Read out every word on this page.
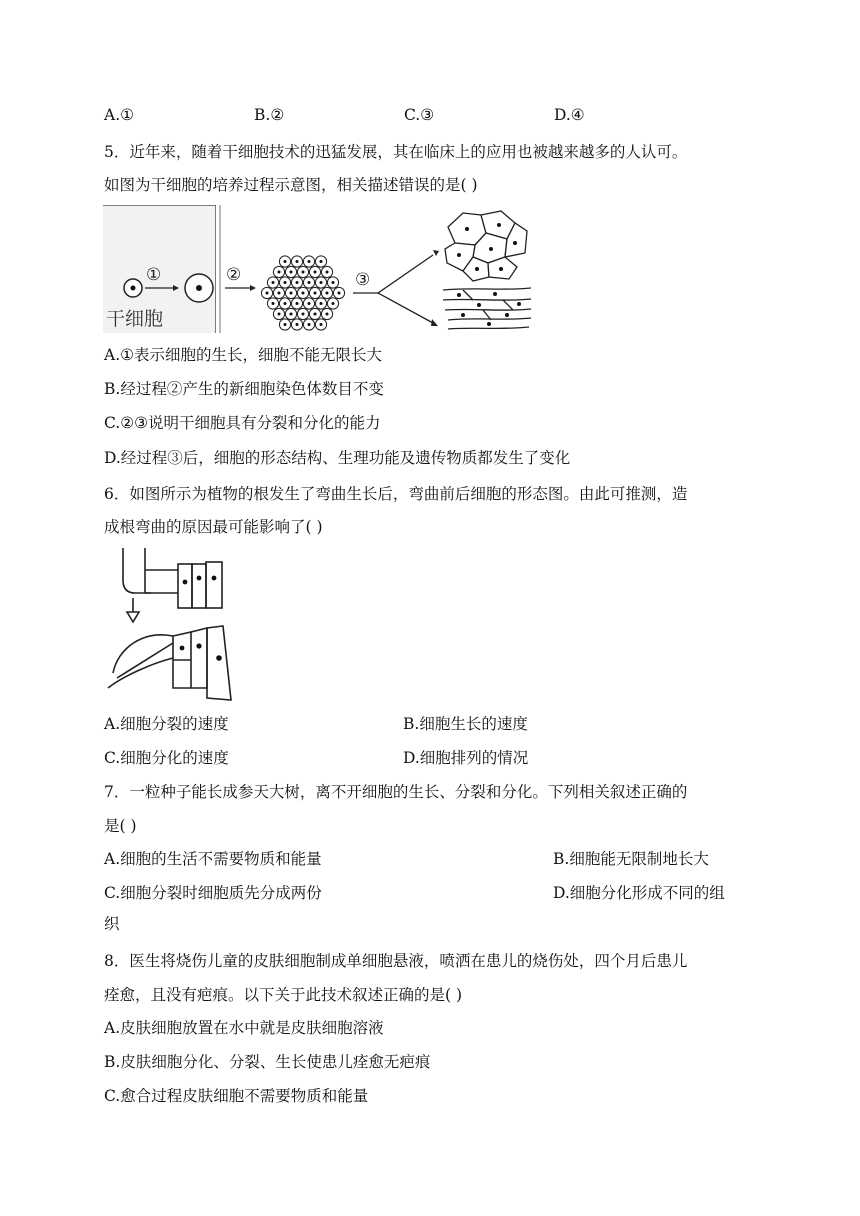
A.①	B.②	C.③	D.④
5．近年来，随着干细胞技术的迅猛发展，其在临床上的应用也被越来越多的人认可。
如图为干细胞的培养过程示意图，相关描述错误的是( )
①
干细胞
②	③
A.①表示细胞的生长，细胞不能无限长大
B.经过程②产生的新细胞染色体数目不变
C.②③说明干细胞具有分裂和分化的能力
D.经过程③后，细胞的形态结构、生理功能及遗传物质都发生了变化
6．如图所示为植物的根发生了弯曲生长后，弯曲前后细胞的形态图。由此可推测，造
成根弯曲的原因最可能影响了( )
A.细胞分裂的速度	B.细胞生长的速度
C.细胞分化的速度	D.细胞排列的情况
7．一粒种子能长成参天大树，离不开细胞的生长、分裂和分化。下列相关叙述正确的
是( )
A.细胞的生活不需要物质和能量	B.细胞能无限制地长大
C.细胞分裂时细胞质先分成两份	D.细胞分化形成不同的组
织
8．医生将烧伤儿童的皮肤细胞制成单细胞悬液，喷洒在患儿的烧伤处，四个月后患儿
痊愈，且没有疤痕。以下关于此技术叙述正确的是( )
A.皮肤细胞放置在水中就是皮肤细胞溶液
B.皮肤细胞分化、分裂、生长使患儿痊愈无疤痕
C.愈合过程皮肤细胞不需要物质和能量
